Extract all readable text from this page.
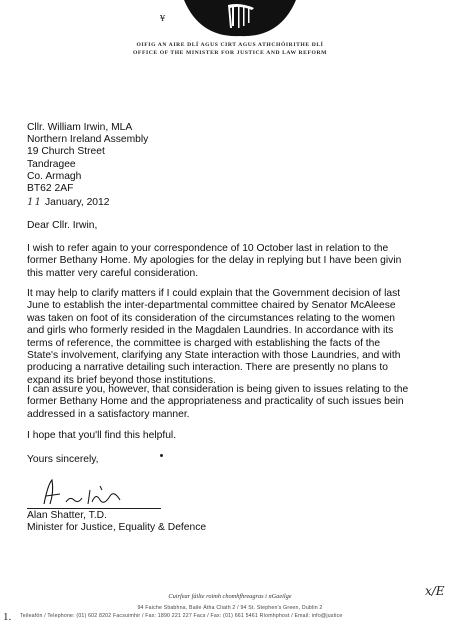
¥
OIFIG AN AIRE DLÍ AGUS CIRT AGUS ATHCHÓIRITHE DLÍ
OFFICE OF THE MINISTER FOR JUSTICE AND LAW REFORM
Cllr. William Irwin, MLA
Northern Ireland Assembly
19 Church Street
Tandragee
Co. Armagh
BT62 2AF
11 January, 2012
Dear Cllr. Irwin,
I wish to refer again to your correspondence of 10 October last in relation to the
former Bethany Home. My apologies for the delay in replying but I have been givin
this matter very careful consideration.
It may help to clarify matters if I could explain that the Government decision of last
June to establish the inter-departmental committee chaired by Senator McAleese
was taken on foot of its consideration of the circumstances relating to the women
and girls who formerly resided in the Magdalen Laundries. In accordance with its
terms of reference, the committee is charged with establishing the facts of the
State's involvement, clarifying any State interaction with those Laundries, and with
producing a narrative detailing such interaction. There are presently no plans to
expand its brief beyond those institutions.
I can assure you, however, that consideration is being given to issues relating to the
former Bethany Home and the appropriateness and practicality of such issues bein
addressed in a satisfactory manner.
I hope that you'll find this helpful.
Yours sincerely,
Alan Shatter, T.D.
Minister for Justice, Equality & Defence
Cuirfear fáilte roimh chomhfhreagras i nGaeilge
94 Faiche Stiabhna, Baile Átha Cliath 2 / 94 St. Stephen's Green, Dublin 2
Teileafón / Telephone: (01) 602 8202 Facsuimhir / Fax: 1890 221 227 Facs / Fax: (01) 661 5461 Ríomhphost / Email: info@justice
1.
x/E
